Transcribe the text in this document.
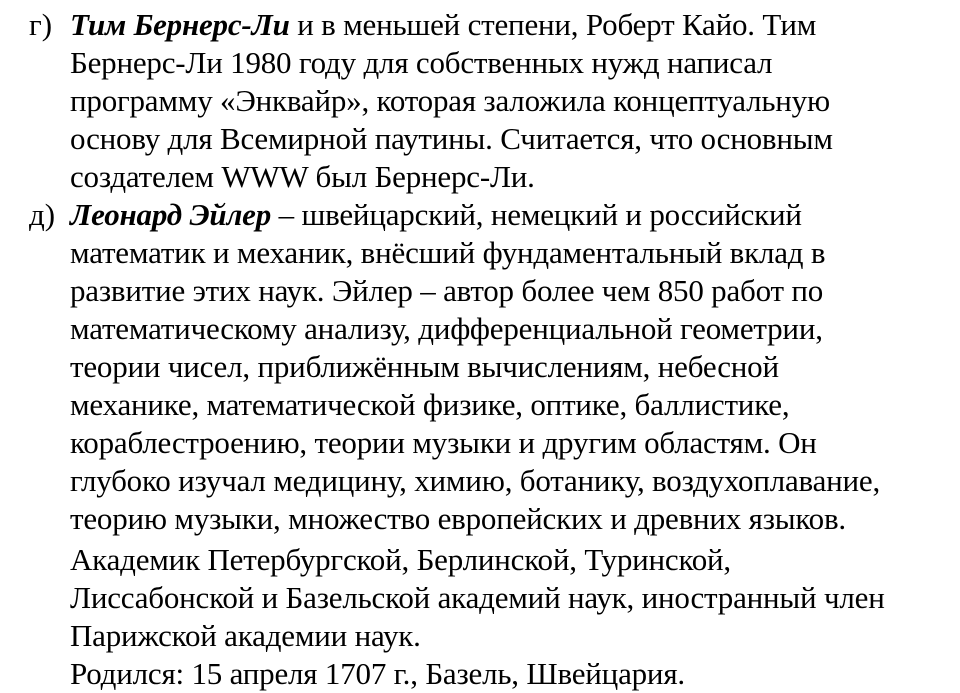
г) Тим Бернерс-Ли и в меньшей степени, Роберт Кайо. Тим
Бернерс-Ли 1980 году для собственных нужд написал
программу «Энквайр», которая заложила концептуальную
основу для Всемирной паутины. Считается, что основным
создателем WWW был Бернерс-Ли.
д) Леонард Эйлер – швейцарский, немецкий и российский
математик и механик, внёсший фундаментальный вклад в
развитие этих наук. Эйлер – автор более чем 850 работ по
математическому анализу, дифференциальной геометрии,
теории чисел, приближённым вычислениям, небесной
механике, математической физике, оптике, баллистике,
кораблестроению, теории музыки и другим областям. Он
глубоко изучал медицину, химию, ботанику, воздухоплавание,
теорию музыки, множество европейских и древних языков.
Академик Петербургской, Берлинской, Туринской,
Лиссабонской и Базельской академий наук, иностранный член
Парижской академии наук.
Родился: 15 апреля 1707 г., Базель, Швейцария.
